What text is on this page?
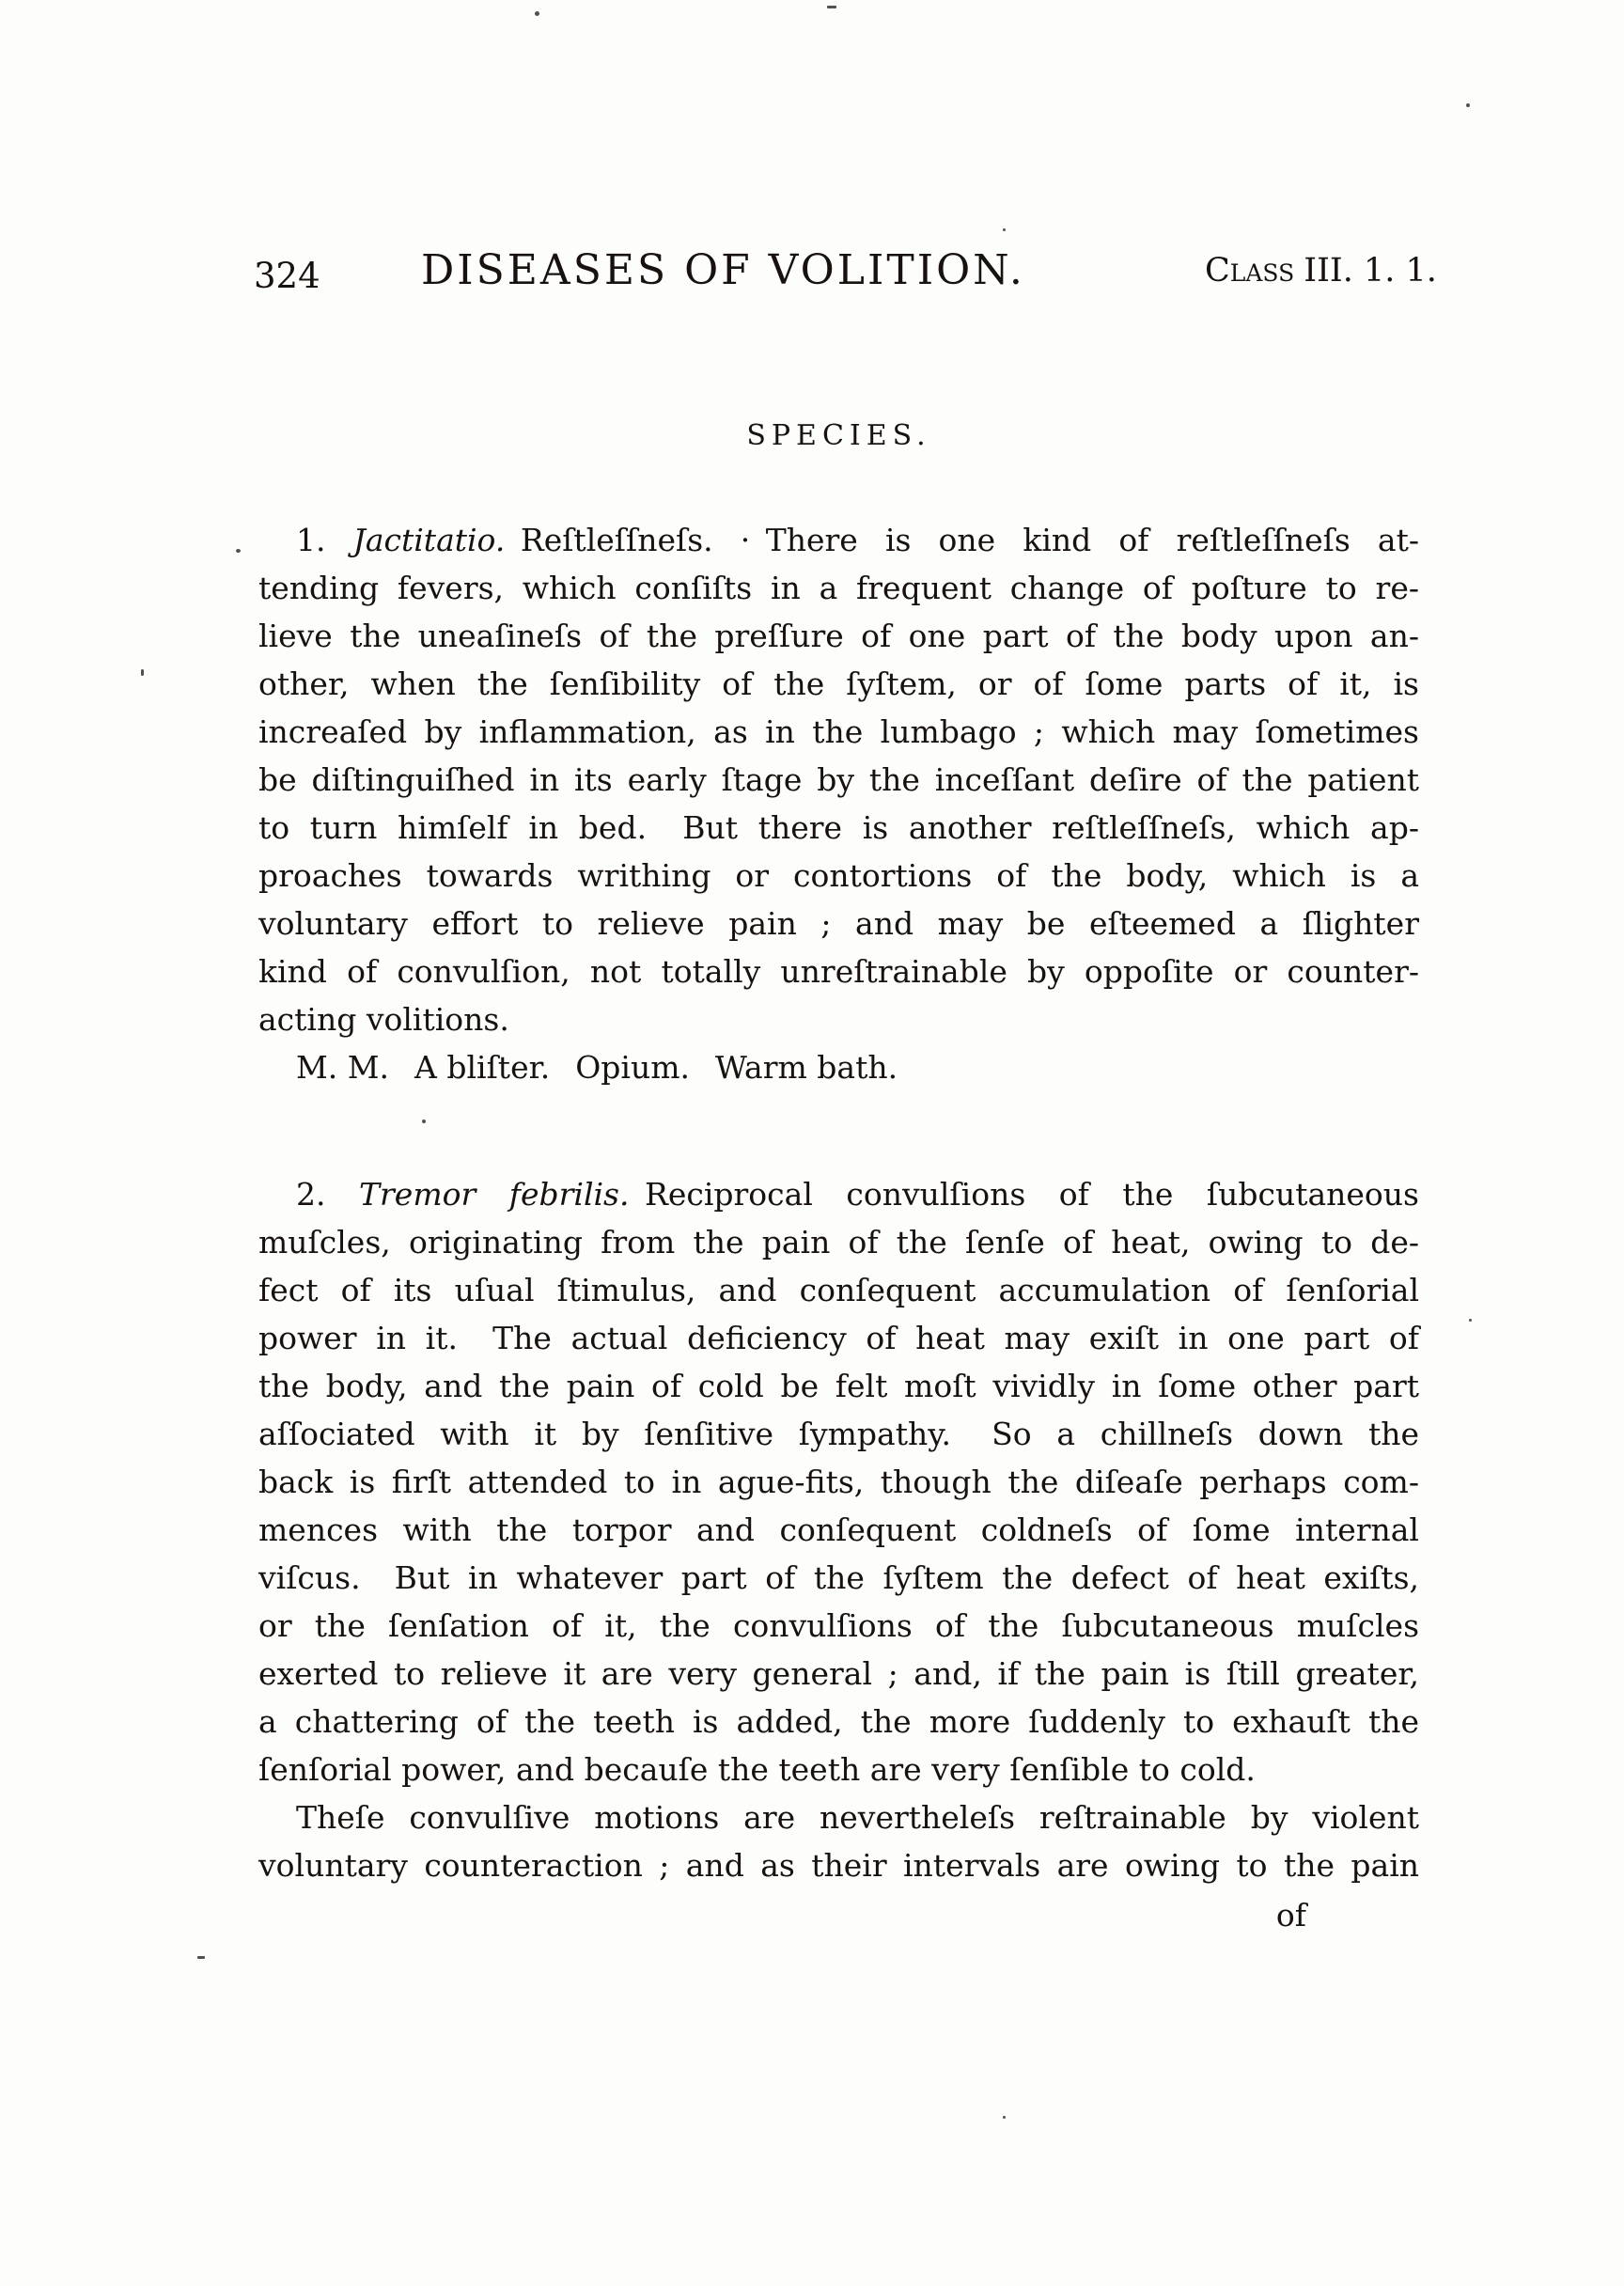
324 DISEASES OF VOLITION.	Class III. 1. 1.
SPECIES.
1. Jactitatio. Reſtleſſneſs. · There is one kind of reſtleſſneſs at-
tending fevers, which conſiſts in a frequent change of poſture to re-
lieve the uneaſineſs of the preſſure of one part of the body upon an-
other, when the ſenſibility of the ſyſtem, or of ſome parts of it, is
increaſed by inflammation, as in the lumbago ; which may ſometimes
be diſtinguiſhed in its early ſtage by the inceſſant deſire of the patient
to turn himſelf in bed.  But there is another reſtleſſneſs, which ap-
proaches towards writhing or contortions of the body, which is a
voluntary effort to relieve pain ; and may be eſteemed a ſlighter
kind of convulſion, not totally unreſtrainable by oppoſite or counter-
acting volitions.
M. M.  A bliſter.  Opium.  Warm bath.
2. Tremor febrilis. Reciprocal convulſions of the ſubcutaneous
muſcles, originating from the pain of the ſenſe of heat, owing to de-
fect of its uſual ſtimulus, and conſequent accumulation of ſenſorial
power in it.  The actual deficiency of heat may exiſt in one part of
the body, and the pain of cold be felt moſt vividly in ſome other part
aſſociated with it by ſenſitive ſympathy.  So a chillneſs down the
back is firſt attended to in ague-fits, though the diſeaſe perhaps com-
mences with the torpor and conſequent coldneſs of ſome internal
viſcus.  But in whatever part of the ſyſtem the defect of heat exiſts,
or the ſenſation of it, the convulſions of the ſubcutaneous muſcles
exerted to relieve it are very general ; and, if the pain is ſtill greater,
a chattering of the teeth is added, the more ſuddenly to exhauſt the
ſenſorial power, and becauſe the teeth are very ſenſible to cold.
Theſe convulſive motions are nevertheleſs reſtrainable by violent
voluntary counteraction ; and as their intervals are owing to the pain
of
